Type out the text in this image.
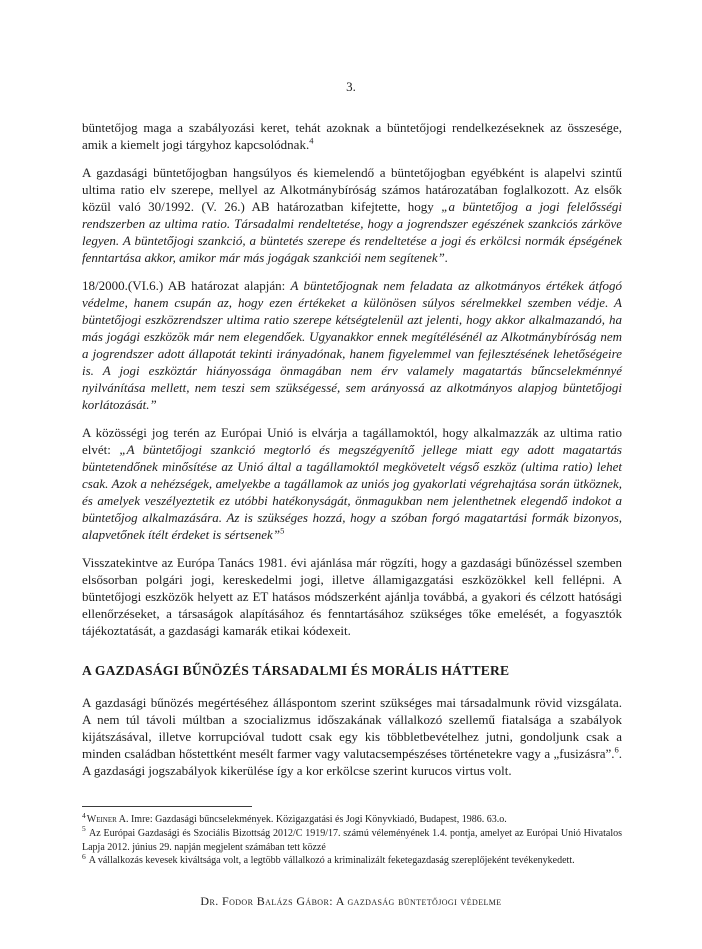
3.

büntetőjog maga a szabályozási keret, tehát azoknak a büntetőjogi rendelkezéseknek az összesége, amik a kiemelt jogi tárgyhoz kapcsolódnak.$^4$

A gazdasági büntetőjogban hangsúlyos és kiemelendő a büntetőjogban egyébként is alapelvi szintű ultima ratio elv szerepe, mellyel az Alkotmánybíróság számos határozatában foglalkozott. Az elsők közül való 30/1992. (V. 26.) AB határozatban kifejtette, hogy „a büntetőjog a jogi felelősségi rendszerben az ultima ratio. Társadalmi rendeltetése, hogy a jogrendszer egészének szankciós zárköve legyen. A büntetőjogi szankció, a büntetés szerepe és rendeltetése a jogi és erkölcsi normák épségének fenntartása akkor, amikor már más jogágak szankciói nem segítenek”.

18/2000.(VI.6.) AB határozat alapján: A büntetőjognak nem feladata az alkotmányos értékek átfogó védelme, hanem csupán az, hogy ezen értékeket a különösen súlyos sérelmekkel szemben védje. A büntetőjogi eszközrendszer ultima ratio szerepe kétségtelenül azt jelenti, hogy akkor alkalmazandó, ha más jogági eszközök már nem elegendőek. Ugyanakkor ennek megítélésénél az Alkotmánybíróság nem a jogrendszer adott állapotát tekinti irányadónak, hanem figyelemmel van fejlesztésének lehetőségeire is. A jogi eszköztár hiányossága önmagában nem érv valamely magatartás bűncselekménnyé nyilvánítása mellett, nem teszi sem szükségessé, sem arányossá az alkotmányos alapjog büntetőjogi korlátozását.”

A közösségi jog terén az Európai Unió is elvárja a tagállamoktól, hogy alkalmazzák az ultima ratio elvét: „A büntetőjogi szankció megtorló és megszégyenítő jellege miatt egy adott magatartás büntetendőnek minősítése az Unió által a tagállamoktól megkövetelt végső eszköz (ultima ratio) lehet csak. Azok a nehézségek, amelyekbe a tagállamok az uniós jog gyakorlati végrehajtása során ütköznek, és amelyek veszélyeztetik ez utóbbi hatékonyságát, önmagukban nem jelenthetnek elegendő indokot a büntetőjog alkalmazására. Az is szükséges hozzá, hogy a szóban forgó magatartási formák bizonyos, alapvetőnek ítélt érdeket is sértsenek”$^5$

Visszatekintve az Európa Tanács 1981. évi ajánlása már rögzíti, hogy a gazdasági bűnözéssel szemben elsősorban polgári jogi, kereskedelmi jogi, illetve államigazgatási eszközökkel kell fellépni. A büntetőjogi eszközök helyett az ET hatásos módszerként ajánlja továbbá, a gyakori és célzott hatósági ellenőrzéseket, a társaságok alapításához és fenntartásához szükséges tőke emelését, a fogyasztók tájékoztatását, a gazdasági kamarák etikai kódexeit.

A GAZDASÁGI BŰNÖZÉS TÁRSADALMI ÉS MORÁLIS HÁTTERE

A gazdasági bűnözés megértéséhez álláspontom szerint szükséges mai társadalmunk rövid vizsgálata. A nem túl távoli múltban a szocializmus időszakának vállalkozó szellemű fiatalsága a szabályok kijátszásával, illetve korrupcióval tudott csak egy kis többletbevételhez jutni, gondoljunk csak a minden családban hőstettként mesélt farmer vagy valutacsempészéses történetekre vagy a „fusizásra”.$^6$. A gazdasági jogszabályok kikerülése így a kor erkölcse szerint kurucos virtus volt.

$^4$Weiner A. Imre: Gazdasági bűncselekmények. Közigazgatási és Jogi Könyvkiadó, Budapest, 1986. 63.o.
$^5$ Az Európai Gazdasági és Szociális Bizottság 2012/C 1919/17. számú véleményének 1.4. pontja, amelyet az Európai Unió Hivatalos Lapja 2012. június 29. napján megjelent számában tett közzé
$^6$ A vállalkozás kevesek kiváltsága volt, a legtöbb vállalkozó a kriminalizált feketegazdaság szereplőjeként tevékenykedett.
Dr. Fodor Balázs Gábor: A gazdaság büntetőjogi védelme
